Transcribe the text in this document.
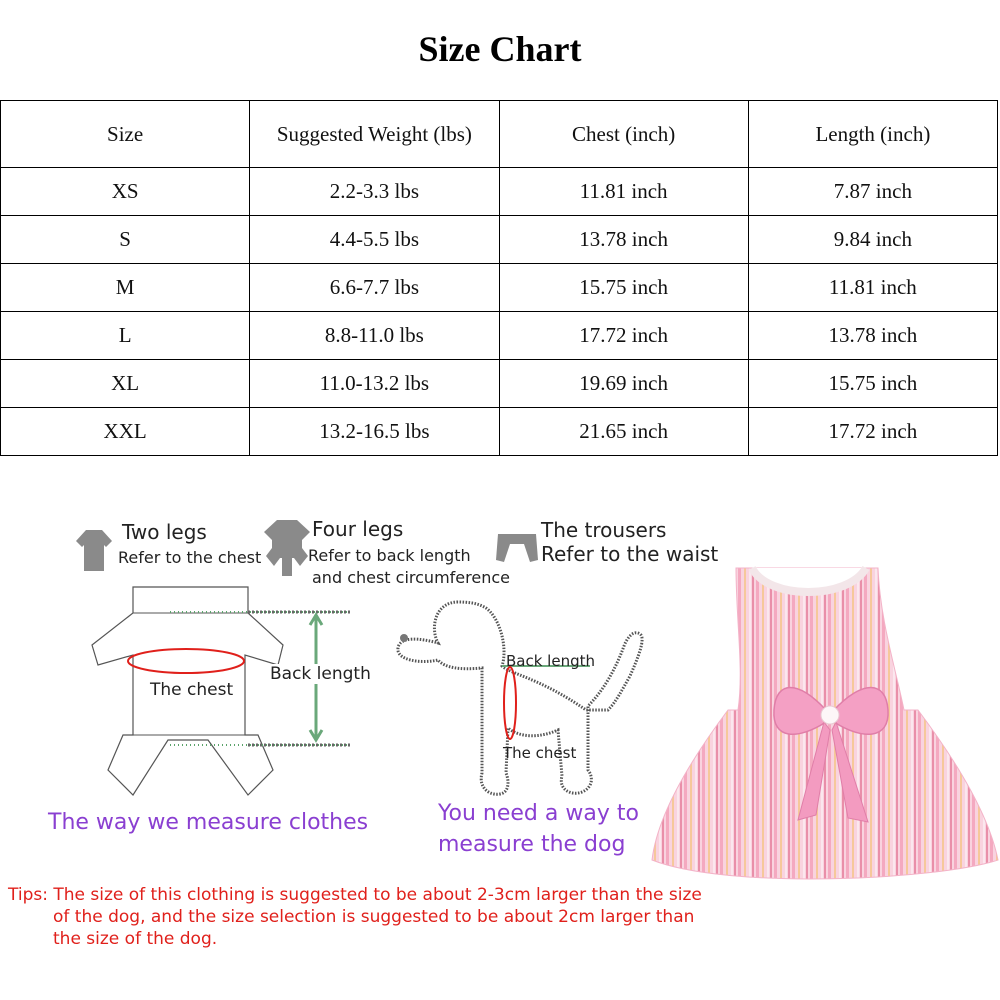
Size Chart
Size	Suggested Weight (lbs)	Chest (inch)	Length (inch)
XS	2.2-3.3 lbs	11.81 inch	7.87 inch
S	4.4-5.5 lbs	13.78 inch	9.84 inch
M	6.6-7.7 lbs	15.75 inch	11.81 inch
L	8.8-11.0 lbs	17.72 inch	13.78 inch
XL	11.0-13.2 lbs	19.69 inch	15.75 inch
XXL	13.2-16.5 lbs	21.65 inch	17.72 inch
Two legs
Refer to the chest
Four legs
Refer to back length
and chest circumference
The trousers
Refer to the waist
The chest
Back length
The way we measure clothes
Back length
The chest
You need a way to
measure the dog
Tips: The size of this clothing is suggested to be about 2-3cm larger than the size
of the dog, and the size selection is suggested to be about 2cm larger than
the size of the dog.
